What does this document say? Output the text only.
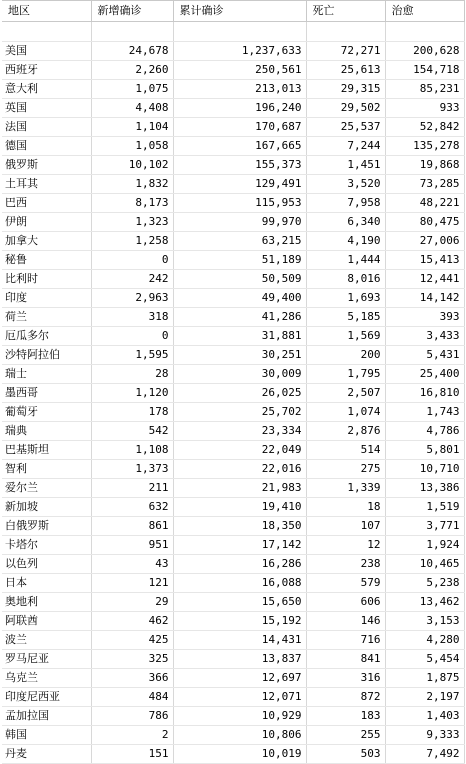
地区	新增确诊	累计确诊	死亡	治愈

美国	24,678	1,237,633	72,271	200,628
西班牙	2,260	250,561	25,613	154,718
意大利	1,075	213,013	29,315	85,231
英国	4,408	196,240	29,502	933
法国	1,104	170,687	25,537	52,842
德国	1,058	167,665	7,244	135,278
俄罗斯	10,102	155,373	1,451	19,868
土耳其	1,832	129,491	3,520	73,285
巴西	8,173	115,953	7,958	48,221
伊朗	1,323	99,970	6,340	80,475
加拿大	1,258	63,215	4,190	27,006
秘鲁	0	51,189	1,444	15,413
比利时	242	50,509	8,016	12,441
印度	2,963	49,400	1,693	14,142
荷兰	318	41,286	5,185	393
厄瓜多尔	0	31,881	1,569	3,433
沙特阿拉伯	1,595	30,251	200	5,431
瑞士	28	30,009	1,795	25,400
墨西哥	1,120	26,025	2,507	16,810
葡萄牙	178	25,702	1,074	1,743
瑞典	542	23,334	2,876	4,786
巴基斯坦	1,108	22,049	514	5,801
智利	1,373	22,016	275	10,710
爱尔兰	211	21,983	1,339	13,386
新加坡	632	19,410	18	1,519
白俄罗斯	861	18,350	107	3,771
卡塔尔	951	17,142	12	1,924
以色列	43	16,286	238	10,465
日本	121	16,088	579	5,238
奥地利	29	15,650	606	13,462
阿联酋	462	15,192	146	3,153
波兰	425	14,431	716	4,280
罗马尼亚	325	13,837	841	5,454
乌克兰	366	12,697	316	1,875
印度尼西亚	484	12,071	872	2,197
孟加拉国	786	10,929	183	1,403
韩国	2	10,806	255	9,333
丹麦	151	10,019	503	7,492
